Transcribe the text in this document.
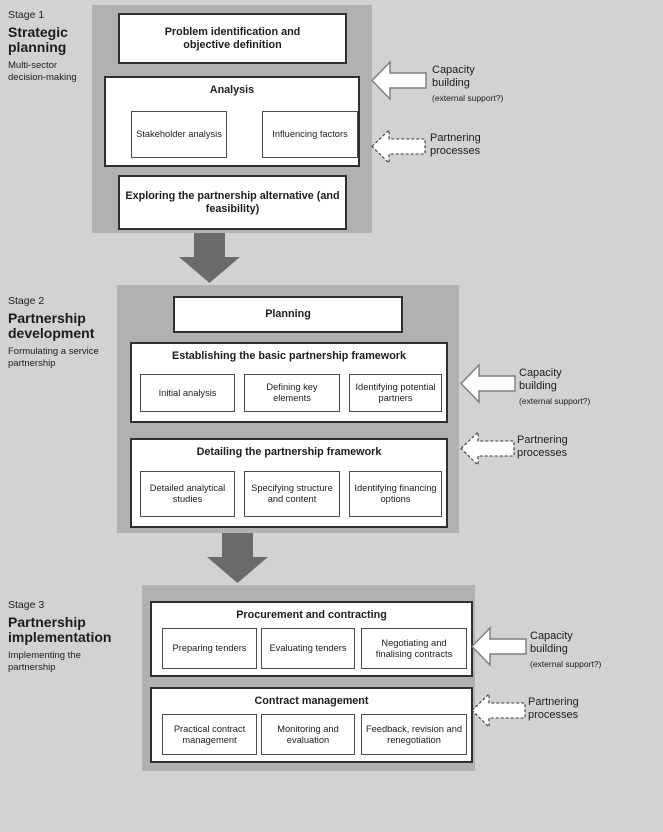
Stage 1
Strategic planning
Multi-sector decision-making
Problem identification and objective definition
Analysis
Stakeholder analysis	Influencing factors
Exploring the partnership alternative (and feasibility)
Capacity building
(external support?)
Partnering processes
Stage 2
Partnership development
Formulating a service partnership
Planning
Establishing the basic partnership framework
Initial analysis
Defining key elements
Identifying potential partners
Detailing the partnership framework
Detailed analytical studies
Specifying structure and content
Identifying financing options
Capacity building
(external support?)
Partnering processes
Stage 3
Partnership implementation
Implementing the partnership
Procurement and contracting
Preparing tenders	Evaluating tenders
Negotiating and finalising contracts
Contract management
Practical contract management
Monitoring and evaluation
Feedback, revision and renegotiation
Capacity building
(external support?)
Partnering processes
